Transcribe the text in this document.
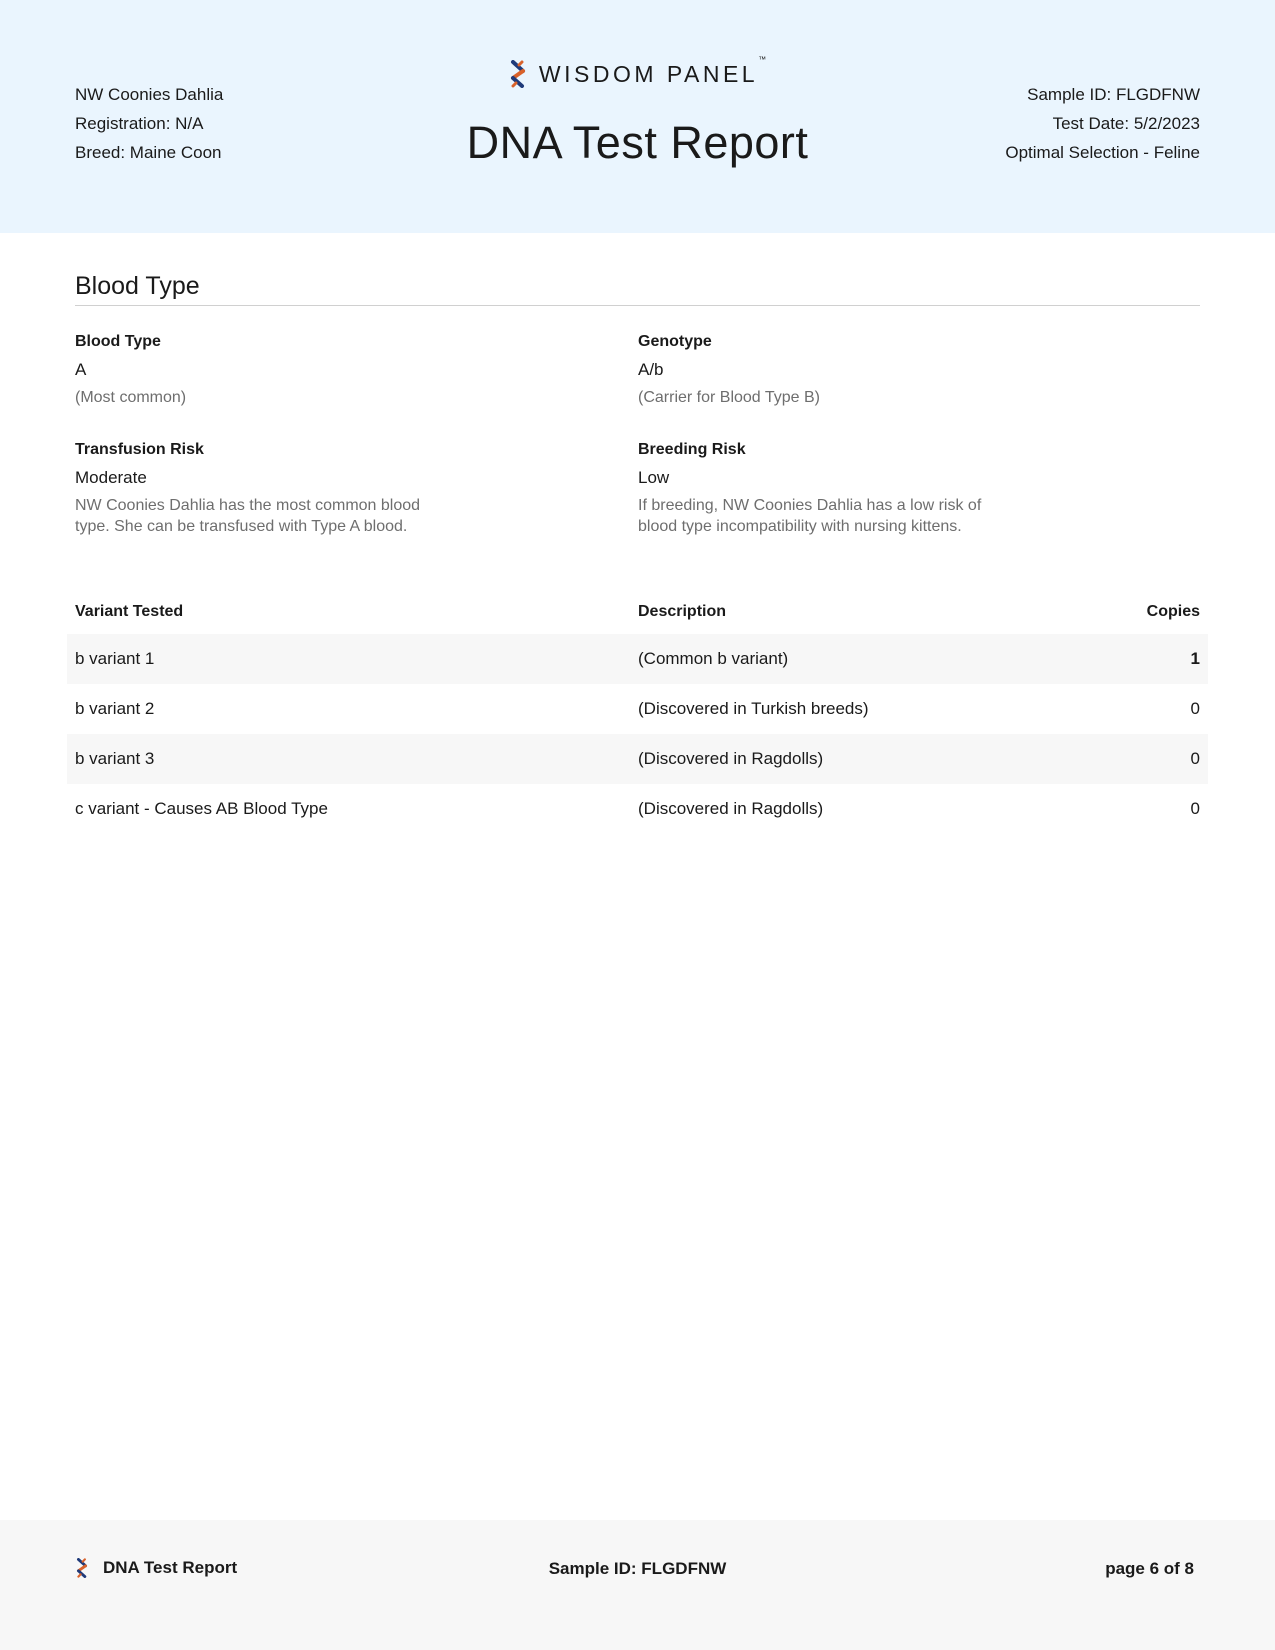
NW Coonies Dahlia
Registration: N/A
Breed: Maine Coon
WISDOM PANEL™
DNA Test Report
Sample ID: FLGDFNW
Test Date: 5/2/2023
Optimal Selection - Feline
Blood Type
Blood Type
A
(Most common)
Genotype
A/b
(Carrier for Blood Type B)
Transfusion Risk
Moderate
NW Coonies Dahlia has the most common blood type. She can be transfused with Type A blood.
Breeding Risk
Low
If breeding, NW Coonies Dahlia has a low risk of blood type incompatibility with nursing kittens.
Variant Tested	Description	Copies
b variant 1	(Common b variant)	1
b variant 2	(Discovered in Turkish breeds)	0
b variant 3	(Discovered in Ragdolls)	0
c variant - Causes AB Blood Type	(Discovered in Ragdolls)	0
DNA Test Report	Sample ID: FLGDFNW	page 6 of 8
